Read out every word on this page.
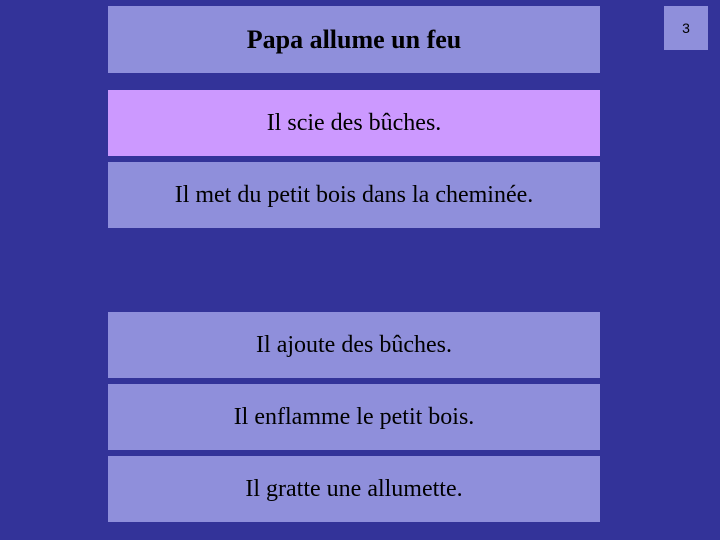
Papa allume un feu
Il scie des bûches.
Il met du petit bois dans la cheminée.
Il ajoute des bûches.
Il enflamme le petit bois.
Il gratte une allumette.
3
